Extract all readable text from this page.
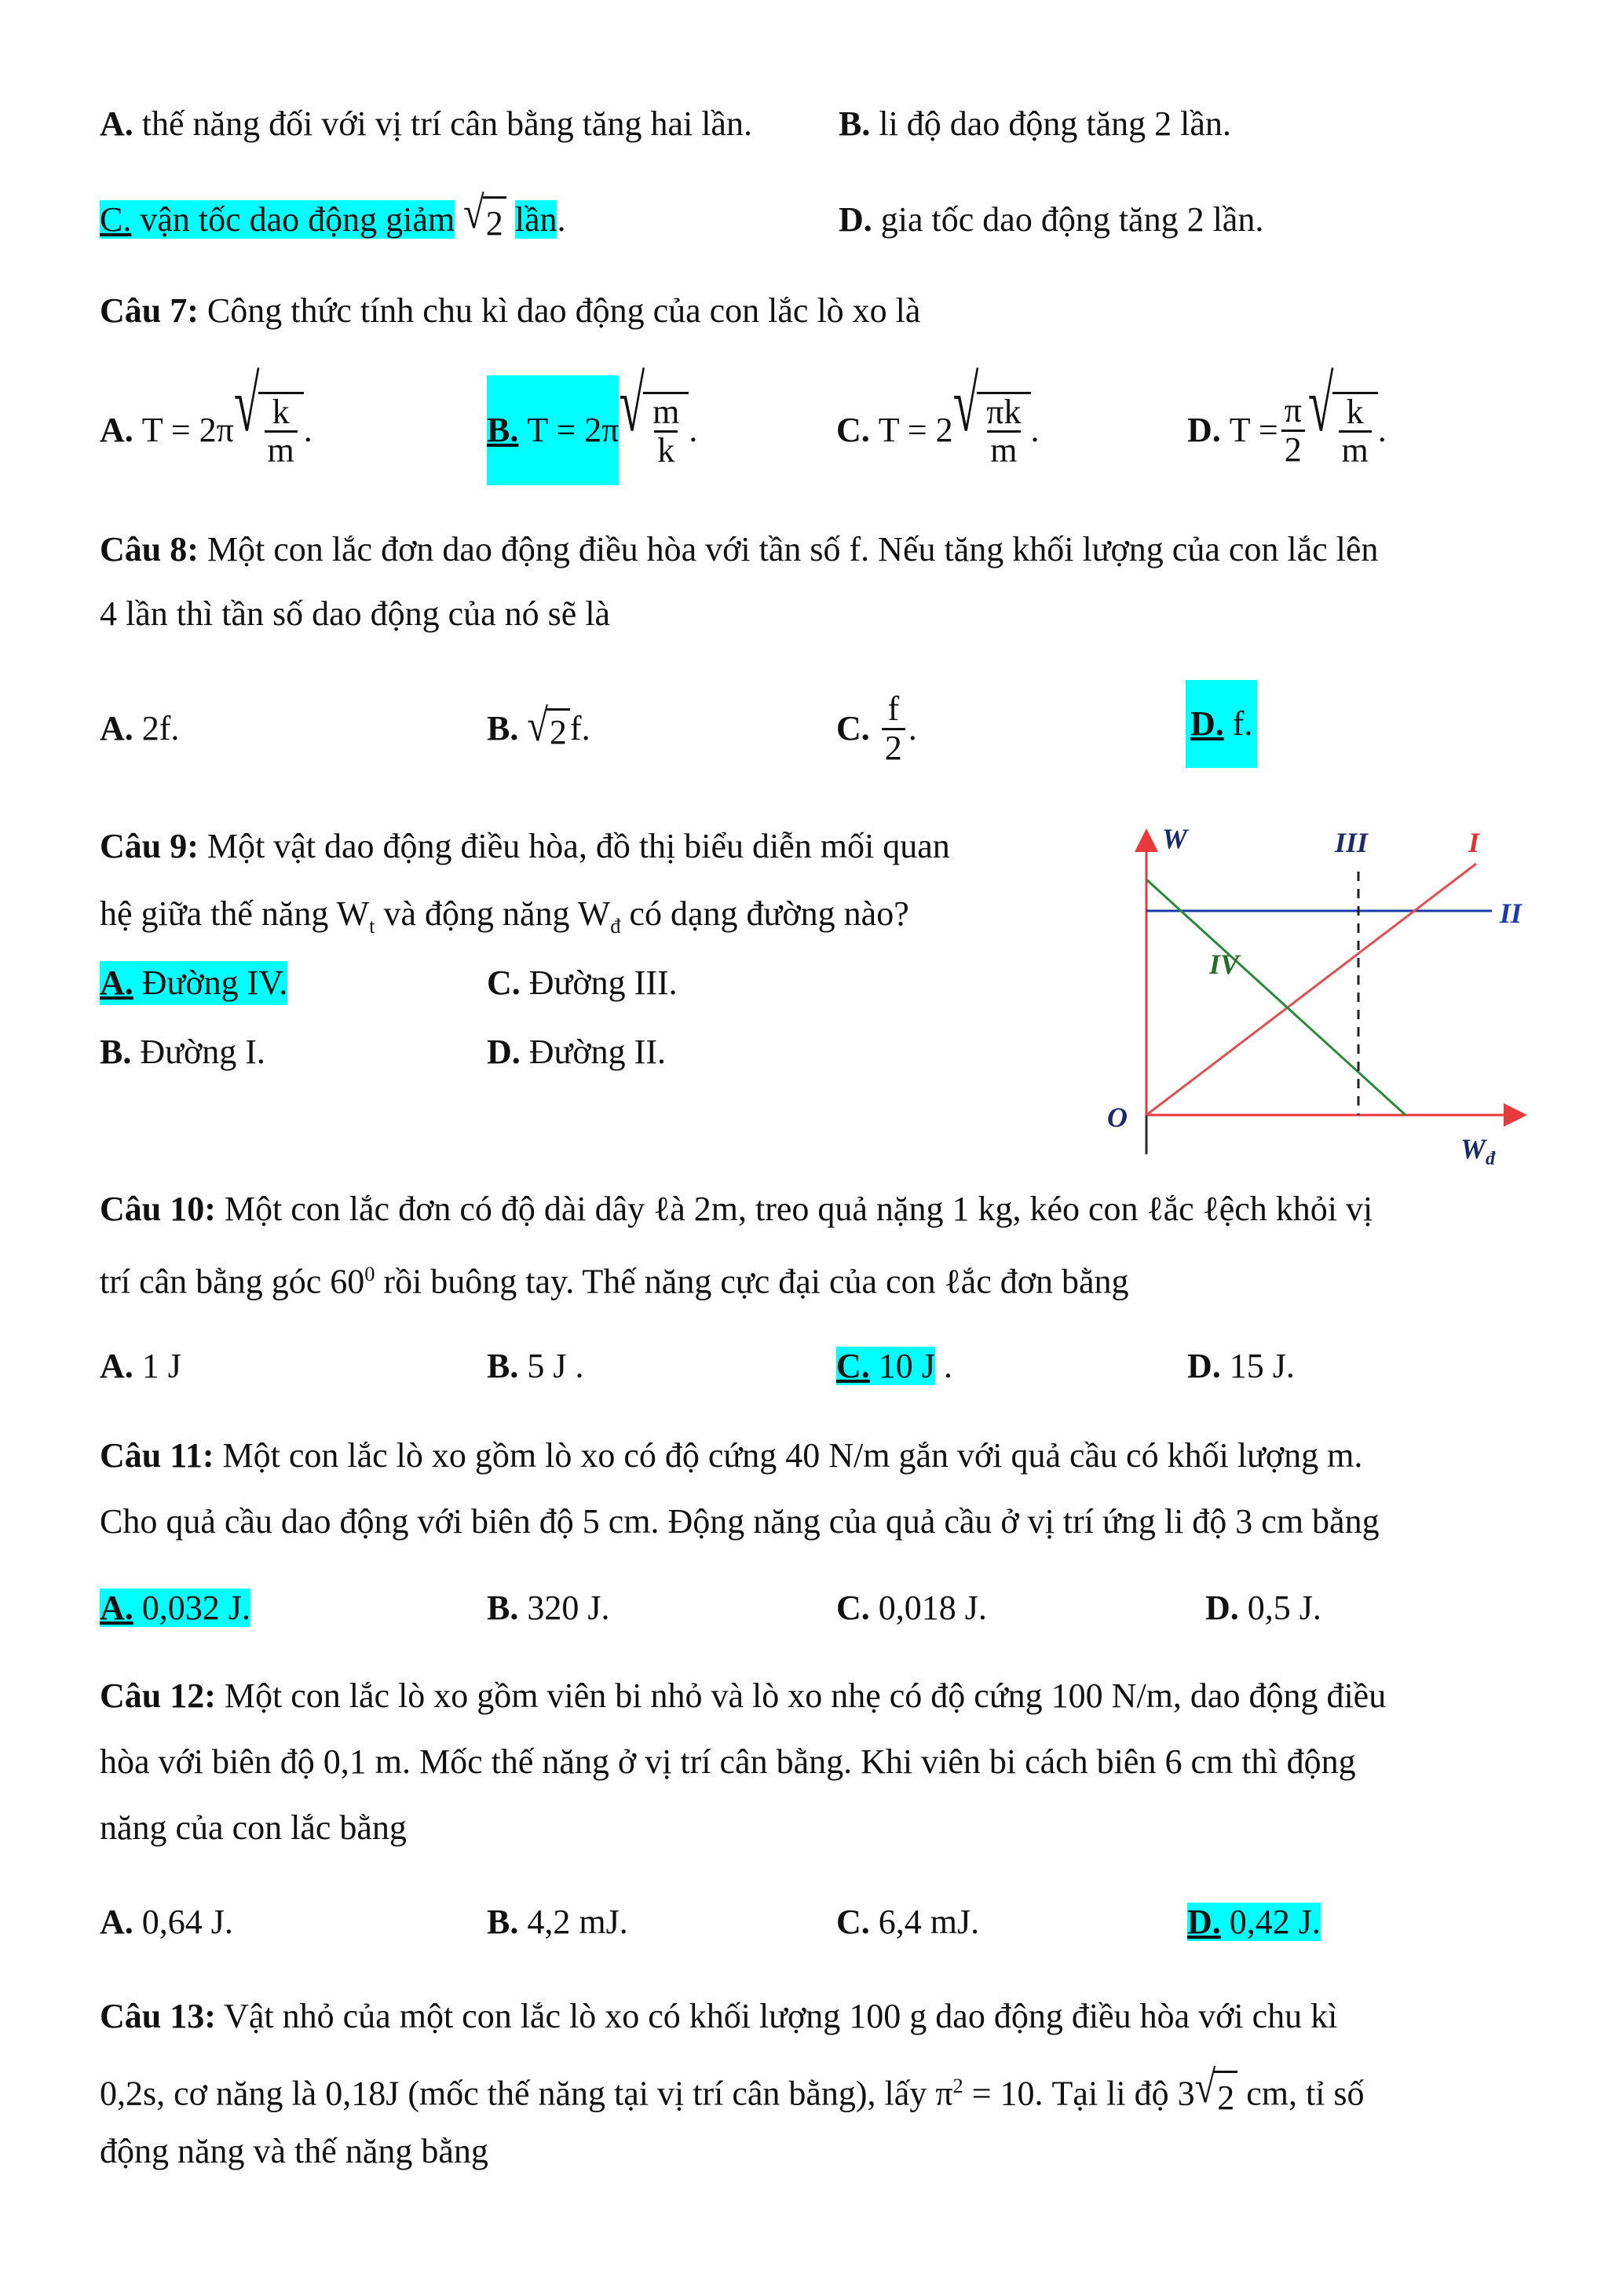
A. thế năng đối với vị trí cân bằng tăng hai lần.	B. li độ dao động tăng 2 lần.
C. vận tốc dao động giảm √ 2 lần.	D. gia tốc dao động tăng 2 lần.
Câu 7: Công thức tính chu kì dao động của con lắc lò xo là
A.
T = 2π √ $\frac{k}{m}$ .	B.
T = 2π √ $\frac{m}{k}$ .	C.
T = 2 √ $\frac{\pi k}{m}$ .	D.
$T = \frac{\pi}{2}$ √ $\frac{k}{m}$ .
Câu 8: Một con lắc đơn dao động điều hòa với tần số f. Nếu tăng khối lượng của con lắc lên
4 lần thì tần số dao động của nó sẽ là
A. 2f.	B. √ 2 f.	C.
$\frac{f}{2}$ .	D.
f.
Câu 9: Một vật dao động điều hòa, đồ thị biểu diễn mối quan
hệ giữa thế năng $W_t$ và động năng $W_đ$ có dạng đường nào?
A. Đường IV.	C. Đường III.
B. Đường I.	D. Đường II.
W	III	I
II
IV
O
$W_đ$
Câu 10: Một con lắc đơn có độ dài dây ℓà 2m, treo quả nặng 1 kg, kéo con ℓắc ℓệch khỏi vị
trí cân bằng góc $60^0$ rồi buông tay. Thế năng cực đại của con ℓắc đơn bằng
A. 1 J	B. 5 J .	C. 10 J .	D. 15 J.
Câu 11: Một con lắc lò xo gồm lò xo có độ cứng 40 N/m gắn với quả cầu có khối lượng m.
Cho quả cầu dao động với biên độ 5 cm. Động năng của quả cầu ở vị trí ứng li độ 3 cm bằng
A. 0,032 J.	B. 320 J.	C. 0,018 J.	D. 0,5 J.
Câu 12: Một con lắc lò xo gồm viên bi nhỏ và lò xo nhẹ có độ cứng 100 N/m, dao động điều
hòa với biên độ 0,1 m. Mốc thế năng ở vị trí cân bằng. Khi viên bi cách biên 6 cm thì động
năng của con lắc bằng
A. 0,64 J.	B. 4,2 mJ.	C. 6,4 mJ.	D. 0,42 J.
Câu 13: Vật nhỏ của một con lắc lò xo có khối lượng 100 g dao động điều hòa với chu kì
0,2s, cơ năng là 0,18J (mốc thế năng tại vị trí cân bằng), lấy $\pi^2 = 10$. Tại li độ 3 √ 2 cm, tỉ số
động năng và thế năng bằng
